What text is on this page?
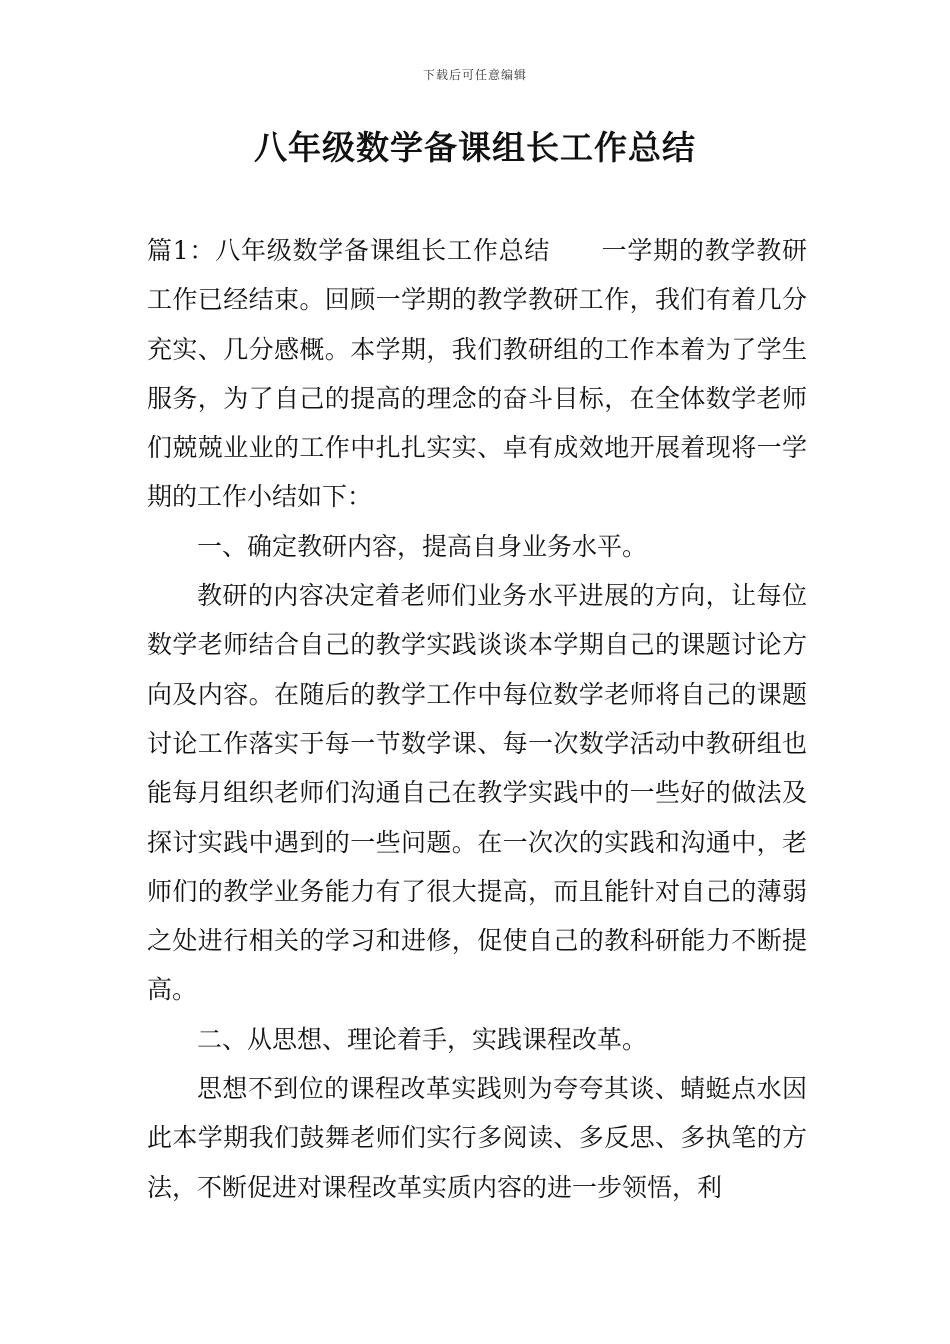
下载后可任意编辑
八年级数学备课组长工作总结

篇1：八年级数学备课组长工作总结　　一学期的教学教研工作已经结束。回顾一学期的教学教研工作，我们有着几分充实、几分感概。本学期，我们教研组的工作本着为了学生服务，为了自己的提高的理念的奋斗目标，在全体数学老师们兢兢业业的工作中扎扎实实、卓有成效地开展着现将一学期的工作小结如下：

一、确定教研内容，提高自身业务水平。

教研的内容决定着老师们业务水平进展的方向，让每位数学老师结合自己的教学实践谈谈本学期自己的课题讨论方向及内容。在随后的教学工作中每位数学老师将自己的课题讨论工作落实于每一节数学课、每一次数学活动中教研组也能每月组织老师们沟通自己在教学实践中的一些好的做法及探讨实践中遇到的一些问题。在一次次的实践和沟通中，老师们的教学业务能力有了很大提高，而且能针对自己的薄弱之处进行相关的学习和进修，促使自己的教科研能力不断提高。

二、从思想、理论着手，实践课程改革。

思想不到位的课程改革实践则为夸夸其谈、蜻蜓点水因此本学期我们鼓舞老师们实行多阅读、多反思、多执笔的方法，不断促进对课程改革实质内容的进一步领悟，利
